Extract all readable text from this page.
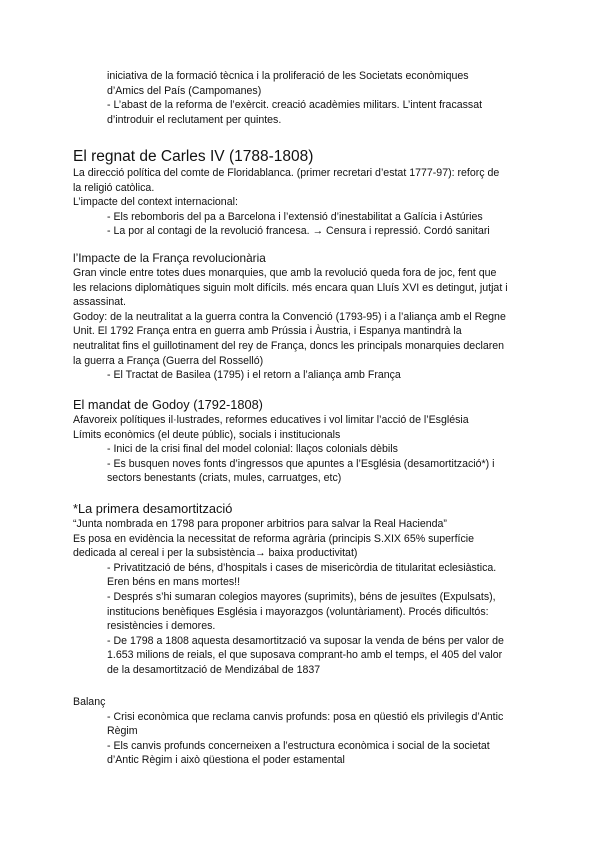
iniciativa de la formació tècnica i la proliferació de les Societats econòmiques

d’Amics del País (Campomanes)

- L’abast de la reforma de l’exèrcit. creació acadèmies militars. L’intent fracassat

d’introduir el reclutament per quintes.

El regnat de Carles IV (1788-1808)

La direcció política del comte de Floridablanca. (primer recretari d’estat 1777-97): reforç de

la religió catòlica.

L’impacte del context internacional:

- Els rebomboris del pa a Barcelona i l’extensió d’inestabilitat a Galícia i Astúries

- La por al contagi de la revolució francesa. → Censura i repressió. Cordó sanitari

l’Impacte de la França revolucionària

Gran vincle entre totes dues monarquies, que amb la revolució queda fora de joc, fent que

les relacions diplomàtiques siguin molt difícils. més encara quan Lluís XVI es detingut, jutjat i

assassinat.

Godoy: de la neutralitat a la guerra contra la Convenció (1793-95) i a l’aliança amb el Regne

Unit. El 1792 França entra en guerra amb Prússia i Àustria, i Espanya mantindrà la

neutralitat fins el guillotinament del rey de França, doncs les principals monarquies declaren

la guerra a França (Guerra del Rosselló)

- El Tractat de Basilea (1795) i el retorn a l’aliança amb França

El mandat de Godoy (1792-1808)

Afavoreix polítiques il·lustrades, reformes educatives i vol limitar l’acció de l’Església

Límits econòmics (el deute públic), socials i institucionals

- Inici de la crisi final del model colonial: llaços colonials dèbils

- Es busquen noves fonts d’ingressos que apuntes a l’Església (desamortització*) i

sectors benestants (criats, mules, carruatges, etc)

*La primera desamortització

“Junta nombrada en 1798 para proponer arbitrios para salvar la Real Hacienda”

Es posa en evidència la necessitat de reforma agrària (principis S.XIX 65% superfície

dedicada al cereal i per la subsistència→ baixa productivitat)

- Privatització de béns, d’hospitals i cases de misericòrdia de titularitat eclesiàstica.

Eren béns en mans mortes!!

- Després s’hi sumaran colegios mayores (suprimits), béns de jesuïtes (Expulsats),

institucions benèfiques Església i mayorazgos (voluntàriament). Procés dificultós:

resistències i demores.

- De 1798 a 1808 aquesta desamortització va suposar la venda de béns per valor de

1.653 milions de reials, el que suposava comprant-ho amb el temps, el 405 del valor

de la desamortització de Mendizábal de 1837

Balanç

- Crisi econòmica que reclama canvis profunds: posa en qüestió els privilegis d’Antic

Règim

- Els canvis profunds concerneixen a l’estructura econòmica i social de la societat

d’Antic Règim i això qüestiona el poder estamental
